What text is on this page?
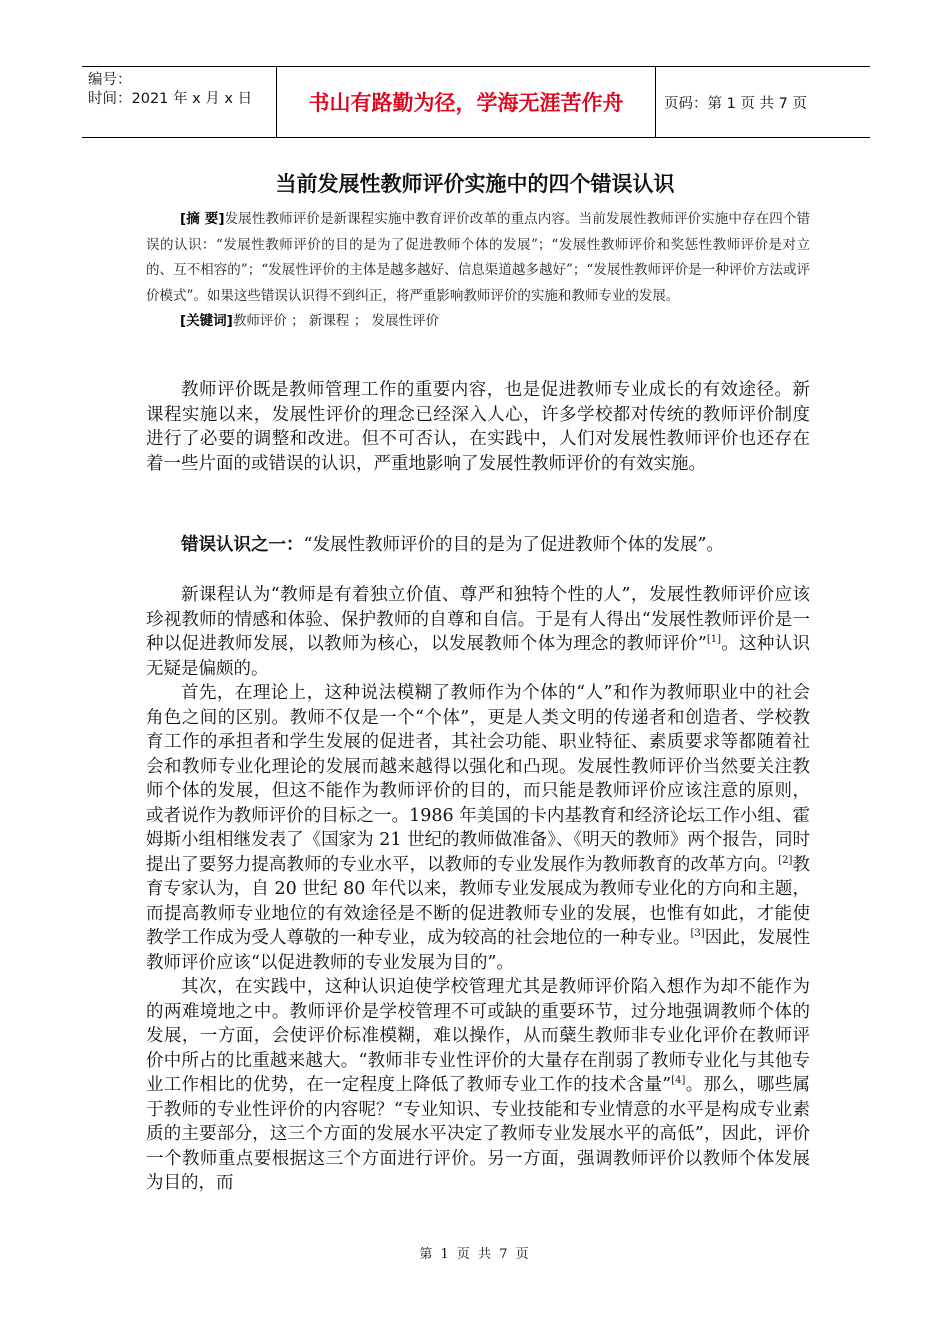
编号：
时间：2021 年 x 月 x 日	书山有路勤为径，学海无涯苦作舟	页码：第 1 页 共 7 页
当前发展性教师评价实施中的四个错误认识

[摘 要]发展性教师评价是新课程实施中教育评价改革的重点内容。当前发展性教师评价实施中存在四个错误的认识：“发展性教师评价的目的是为了促进教师个体的发展”；“发展性教师评价和奖惩性教师评价是对立的、互不相容的”；“发展性评价的主体是越多越好、信息渠道越多越好”；“发展性教师评价是一种评价方法或评价模式”。如果这些错误认识得不到纠正，将严重影响教师评价的实施和教师专业的发展。

[关键词]教师评价 ； 新课程 ； 发展性评价

教师评价既是教师管理工作的重要内容，也是促进教师专业成长的有效途径。新课程实施以来，发展性评价的理念已经深入人心，许多学校都对传统的教师评价制度进行了必要的调整和改进。但不可否认，在实践中，人们对发展性教师评价也还存在着一些片面的或错误的认识，严重地影响了发展性教师评价的有效实施。

错误认识之一：“发展性教师评价的目的是为了促进教师个体的发展”。

新课程认为“教师是有着独立价值、尊严和独特个性的人”，发展性教师评价应该珍视教师的情感和体验、保护教师的自尊和自信。于是有人得出“发展性教师评价是一种以促进教师发展，以教师为核心，以发展教师个体为理念的教师评价”[1]。这种认识无疑是偏颇的。

首先，在理论上，这种说法模糊了教师作为个体的“人”和作为教师职业中的社会角色之间的区别。教师不仅是一个“个体”，更是人类文明的传递者和创造者、学校教育工作的承担者和学生发展的促进者，其社会功能、职业特征、素质要求等都随着社会和教师专业化理论的发展而越来越得以强化和凸现。发展性教师评价当然要关注教师个体的发展，但这不能作为教师评价的目的，而只能是教师评价应该注意的原则，或者说作为教师评价的目标之一。1986 年美国的卡内基教育和经济论坛工作小组、霍姆斯小组相继发表了《国家为 21 世纪的教师做准备》、《明天的教师》两个报告，同时提出了要努力提高教师的专业水平，以教师的专业发展作为教师教育的改革方向。[2]教育专家认为，自 20 世纪 80 年代以来，教师专业发展成为教师专业化的方向和主题，而提高教师专业地位的有效途径是不断的促进教师专业的发展，也惟有如此，才能使教学工作成为受人尊敬的一种专业，成为较高的社会地位的一种专业。[3]因此，发展性教师评价应该“以促进教师的专业发展为目的”。

其次，在实践中，这种认识迫使学校管理尤其是教师评价陷入想作为却不能作为的两难境地之中。教师评价是学校管理不可或缺的重要环节，过分地强调教师个体的发展，一方面，会使评价标准模糊，难以操作，从而蘖生教师非专业化评价在教师评价中所占的比重越来越大。“教师非专业性评价的大量存在削弱了教师专业化与其他专业工作相比的优势，在一定程度上降低了教师专业工作的技术含量”[4]。那么，哪些属于教师的专业性评价的内容呢？“专业知识、专业技能和专业情意的水平是构成专业素质的主要部分，这三个方面的发展水平决定了教师专业发展水平的高低”，因此，评价一个教师重点要根据这三个方面进行评价。另一方面，强调教师评价以教师个体发展为目的，而

第 1 页 共 7 页
